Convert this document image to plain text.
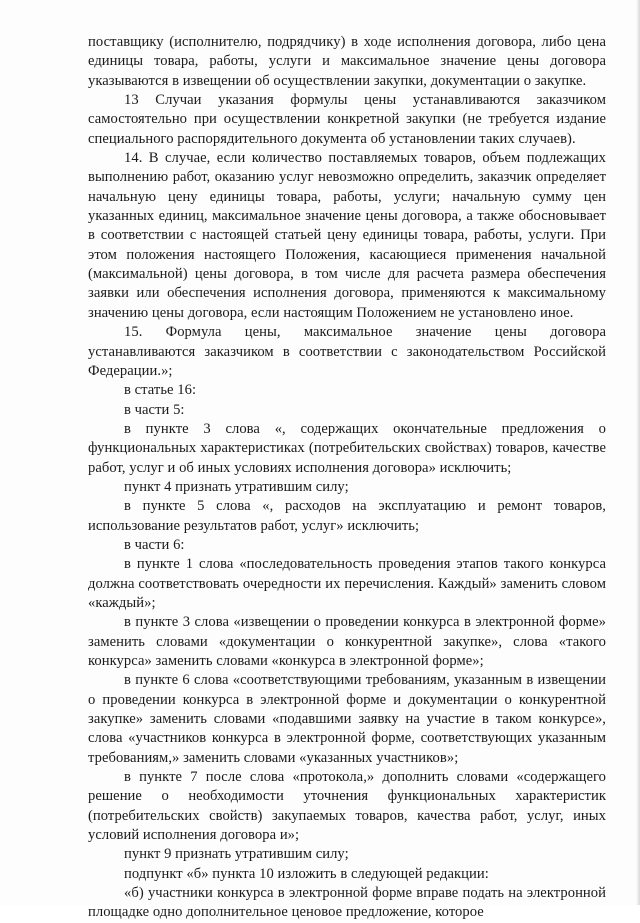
поставщику (исполнителю, подрядчику) в ходе исполнения договора, либо цена единицы товара, работы, услуги и максимальное значение цены договора указываются в извещении об осуществлении закупки, документации о закупке.

13 Случаи указания формулы цены устанавливаются заказчиком самостоятельно при осуществлении конкретной закупки (не требуется издание специального распорядительного документа об установлении таких случаев).

14. В случае, если количество поставляемых товаров, объем подлежащих выполнению работ, оказанию услуг невозможно определить, заказчик определяет начальную цену единицы товара, работы, услуги; начальную сумму цен указанных единиц, максимальное значение цены договора, а также обосновывает в соответствии с настоящей статьей цену единицы товара, работы, услуги. При этом положения настоящего Положения, касающиеся применения начальной (максимальной) цены договора, в том числе для расчета размера обеспечения заявки или обеспечения исполнения договора, применяются к максимальному значению цены договора, если настоящим Положением не установлено иное.

15. Формула цены, максимальное значение цены договора устанавливаются заказчиком в соответствии с законодательством Российской Федерации.»;

в статье 16:

в части 5:

в пункте 3 слова «, содержащих окончательные предложения о функциональных характеристиках (потребительских свойствах) товаров, качестве работ, услуг и об иных условиях исполнения договора» исключить;

пункт 4 признать утратившим силу;

в пункте 5 слова «, расходов на эксплуатацию и ремонт товаров, использование результатов работ, услуг» исключить;

в части 6:

в пункте 1 слова «последовательность проведения этапов такого конкурса должна соответствовать очередности их перечисления. Каждый» заменить словом «каждый»;

в пункте 3 слова «извещении о проведении конкурса в электронной форме» заменить словами «документации о конкурентной закупке», слова «такого конкурса» заменить словами «конкурса в электронной форме»;

в пункте 6 слова «соответствующими требованиям, указанным в извещении о проведении конкурса в электронной форме и документации о конкурентной закупке» заменить словами «подавшими заявку на участие в таком конкурсе», слова «участников конкурса в электронной форме, соответствующих указанным требованиям,» заменить словами «указанных участников»;

в пункте 7 после слова «протокола,» дополнить словами «содержащего решение о необходимости уточнения функциональных характеристик (потребительских свойств) закупаемых товаров, качества работ, услуг, иных условий исполнения договора и»;

пункт 9 признать утратившим силу;

подпункт «б» пункта 10 изложить в следующей редакции:

«б) участники конкурса в электронной форме вправе подать на электронной площадке одно дополнительное ценовое предложение, которое
